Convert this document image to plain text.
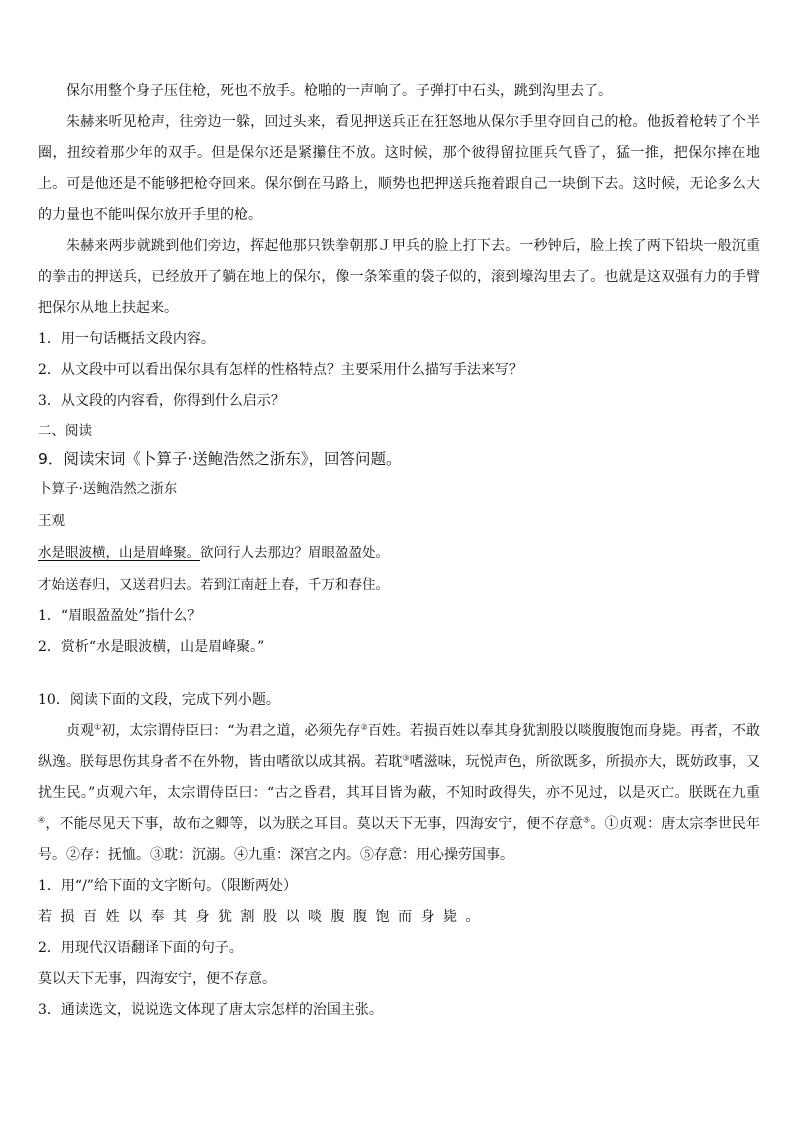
保尔用整个身子压住枪，死也不放手。枪啪的一声响了。子弹打中石头，跳到沟里去了。

朱赫来听见枪声，往旁边一躲，回过头来，看见押送兵正在狂怒地从保尔手里夺回自己的枪。他扳着枪转了个半圈，扭绞着那少年的双手。但是保尔还是紧攥住不放。这时候，那个彼得留拉匪兵气昏了，猛一推，把保尔摔在地上。可是他还是不能够把枪夺回来。保尔倒在马路上，顺势也把押送兵拖着跟自己一块倒下去。这时候，无论多么大的力量也不能叫保尔放开手里的枪。

朱赫来两步就跳到他们旁边，挥起他那只铁拳朝那Ｊ甲兵的脸上打下去。一秒钟后，脸上挨了两下铅块一般沉重的拳击的押送兵，已经放开了躺在地上的保尔，像一条笨重的袋子似的，滚到壕沟里去了。也就是这双强有力的手臂把保尔从地上扶起来。

1．用一句话概括文段内容。

2．从文段中可以看出保尔具有怎样的性格特点？主要采用什么描写手法来写？

3．从文段的内容看，你得到什么启示？

二、阅读

9．阅读宋词《卜算子·送鲍浩然之浙东》，回答问题。

卜算子·送鲍浩然之浙东

王观

水是眼波横，山是眉峰聚。欲问行人去那边？眉眼盈盈处。

才始送春归，又送君归去。若到江南赶上春，千万和春住。

1．“眉眼盈盈处”指什么？

2．赏析“水是眼波横，山是眉峰聚。”

10．阅读下面的文段，完成下列小题。

贞观①初，太宗谓侍臣曰：“为君之道，必须先存②百姓。若损百姓以奉其身犹割股以啖腹腹饱而身毙。再者，不敢纵逸。朕每思伤其身者不在外物，皆由嗜欲以成其祸。若耽③嗜滋味，玩悦声色，所欲既多，所损亦大，既妨政事，又扰生民。”贞观六年，太宗谓侍臣曰：“古之昏君，其耳目皆为蔽，不知时政得失，亦不见过，以是灭亡。朕既在九重④，不能尽见天下事，故布之卿等，以为朕之耳目。莫以天下无事，四海安宁，便不存意⑤。①贞观：唐太宗李世民年号。②存：抚恤。③耽：沉溺。④九重：深宫之内。⑤存意：用心操劳国事。

1．用“/”给下面的文字断句。（限断两处）

若损百姓以奉其身犹割股以啖腹腹饱而身毙。

2．用现代汉语翻译下面的句子。

莫以天下无事，四海安宁，便不存意。

3．通读选文，说说选文体现了唐太宗怎样的治国主张。
